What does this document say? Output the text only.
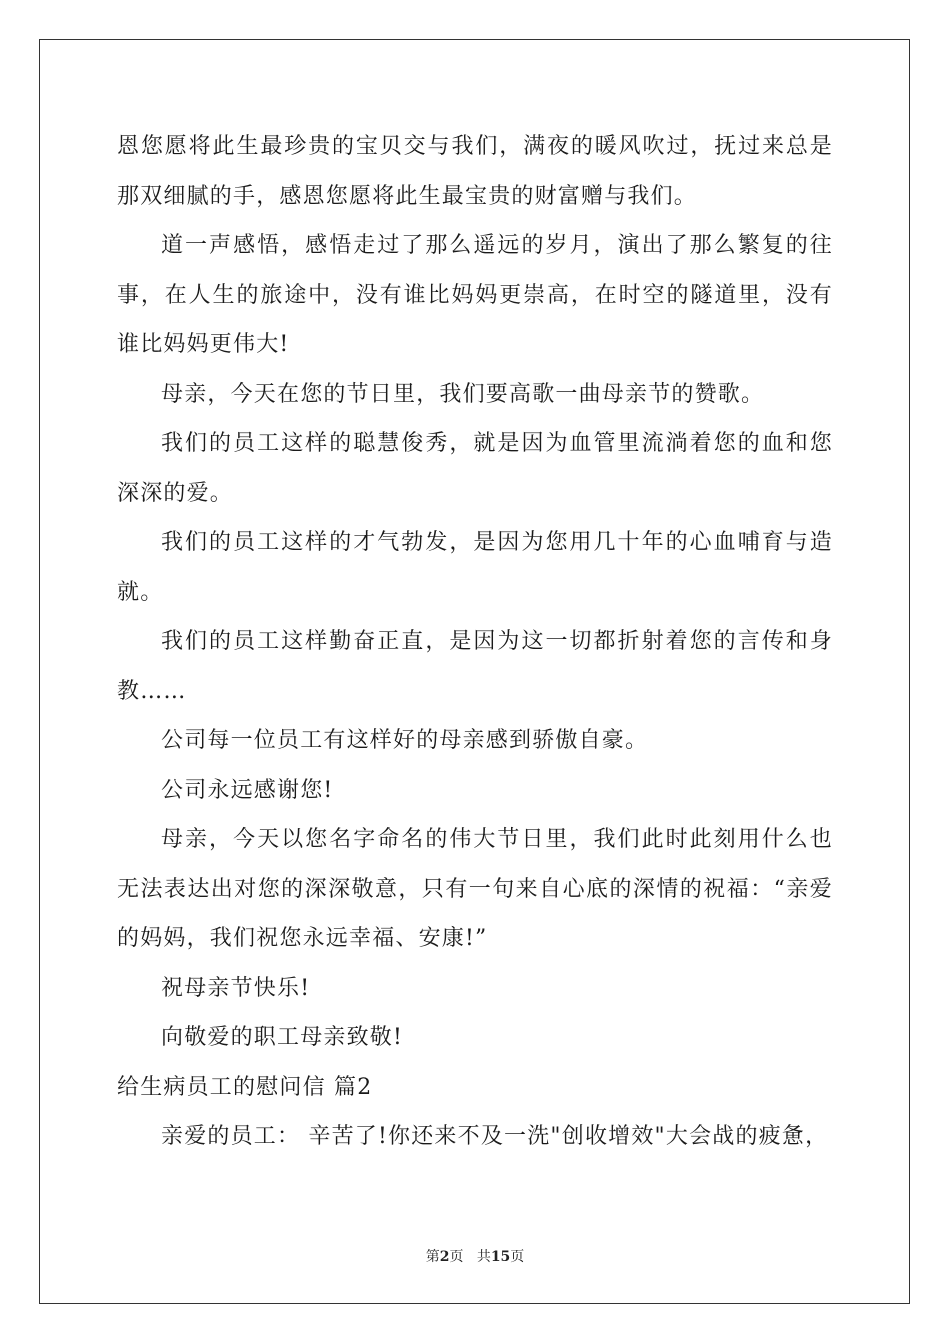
恩您愿将此生最珍贵的宝贝交与我们，满夜的暖风吹过，抚过来总是那双细腻的手，感恩您愿将此生最宝贵的财富赠与我们。

道一声感悟，感悟走过了那么遥远的岁月，演出了那么繁复的往事，在人生的旅途中，没有谁比妈妈更崇高，在时空的隧道里，没有谁比妈妈更伟大!

母亲，今天在您的节日里，我们要高歌一曲母亲节的赞歌。

我们的员工这样的聪慧俊秀，就是因为血管里流淌着您的血和您深深的爱。

我们的员工这样的才气勃发，是因为您用几十年的心血哺育与造就。

我们的员工这样勤奋正直，是因为这一切都折射着您的言传和身教……

公司每一位员工有这样好的母亲感到骄傲自豪。

公司永远感谢您!

母亲，今天以您名字命名的伟大节日里，我们此时此刻用什么也无法表达出对您的深深敬意，只有一句来自心底的深情的祝福：“亲爱的妈妈，我们祝您永远幸福、安康!”

祝母亲节快乐!

向敬爱的职工母亲致敬!

给生病员工的慰问信 篇2

亲爱的员工： 辛苦了!你还来不及一洗"创收增效"大会战的疲惫，

第2页 共15页
